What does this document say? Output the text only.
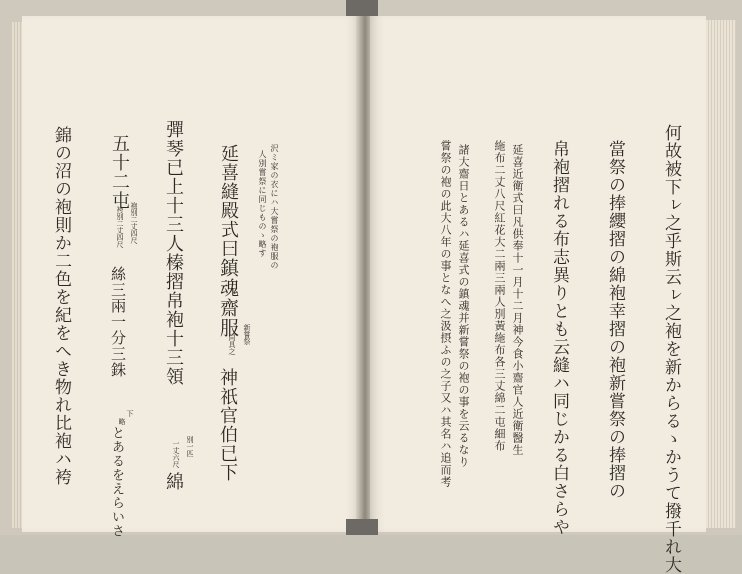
沢ミ家の衣にハ大嘗祭の袍服の
人別嘗祭に同じものゝ略す
延喜縫殿式曰鎮魂齋服 新嘗祭
同具之
神祇官伯已下
彈琴已上十三人榛摺帛袍十三領
別一匹
一丈六尺
綿
五十二屯
袍別二丈四尺
袴別二丈四尺
絲三兩一分三銖
下
略
とあるをえらいさ
錦の沼の袍則か二色を紀をへき物れ比袍ハ袴	何故被下ㇾ之乎斯云ㇾ之袍を新からるゝかうて撥千れ大
當祭の捧纓摺の綿袍幸摺の袍新嘗祭の捧摺の
帛袍摺れる布志異りとも云縫ハ同じかる白さらや
延喜近衛式曰凡供奉十一月十二月神今食小齋官人近衛醫生
絁布二丈八尺紅花大二兩三兩人別黃絁布各三丈綿二屯細布
諸大齋日とあるハ延喜式の鎮魂并新嘗祭の袍の事を云るなり
嘗祭の袍の此大八年の事となへ之汲摂ふの之子又ハ其名ハ追而考
